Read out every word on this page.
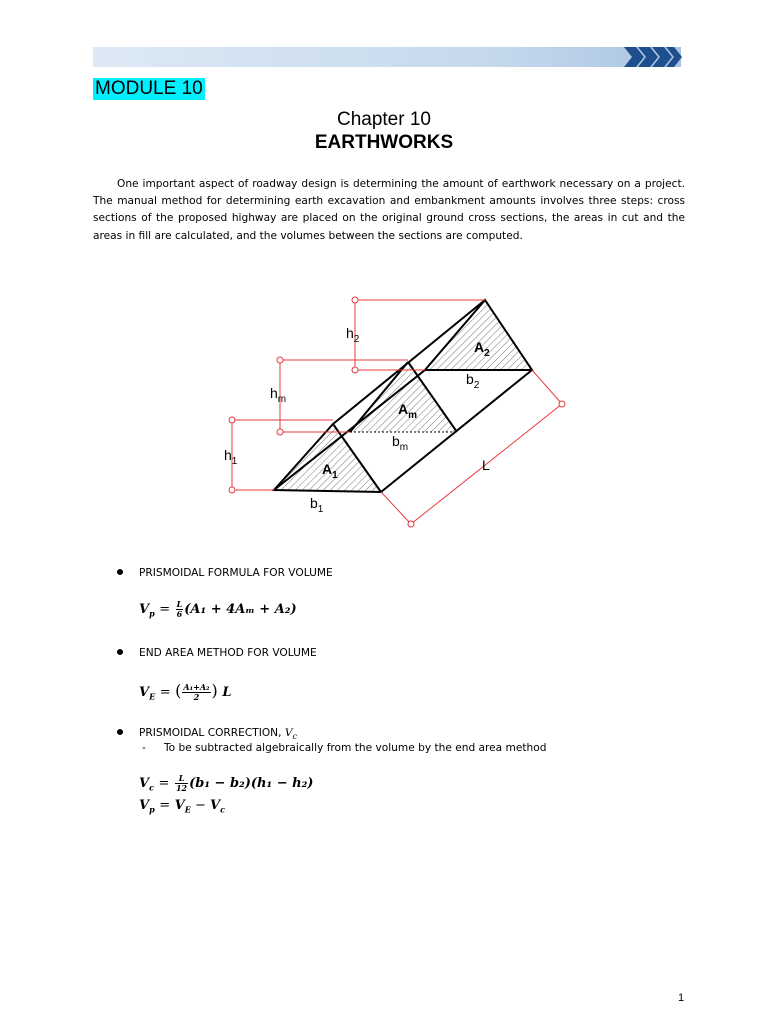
MODULE 10
Chapter 10
EARTHWORKS

One important aspect of roadway design is determining the amount of earthwork necessary on a project. The manual method for determining earth excavation and embankment amounts involves three steps: cross sections of the proposed highway are placed on the original ground cross sections, the areas in cut and the areas in fill are calculated, and the volumes between the sections are computed.

$h_2$
$h_m$
$h_1$
$A_2$
$A_m$
$A_1$
$b_2$
$b_m$
$b_1$
L
PRISMOIDAL FORMULA FOR VOLUME
$V_p = \frac{L}{6} (A_1 + 4A_m + A_2)$
END AREA METHOD FOR VOLUME
$V_E$ = ( $\frac{\text{A₁+A₂}}{2}$ ) L
PRISMOIDAL CORRECTION, $V_c$
- To be subtracted algebraically from the volume by the end area method
$V_c = \frac{L}{12} (b_1 - b_2)(h_1 - h_2)$
$V_p = V_E - V_c$
1
